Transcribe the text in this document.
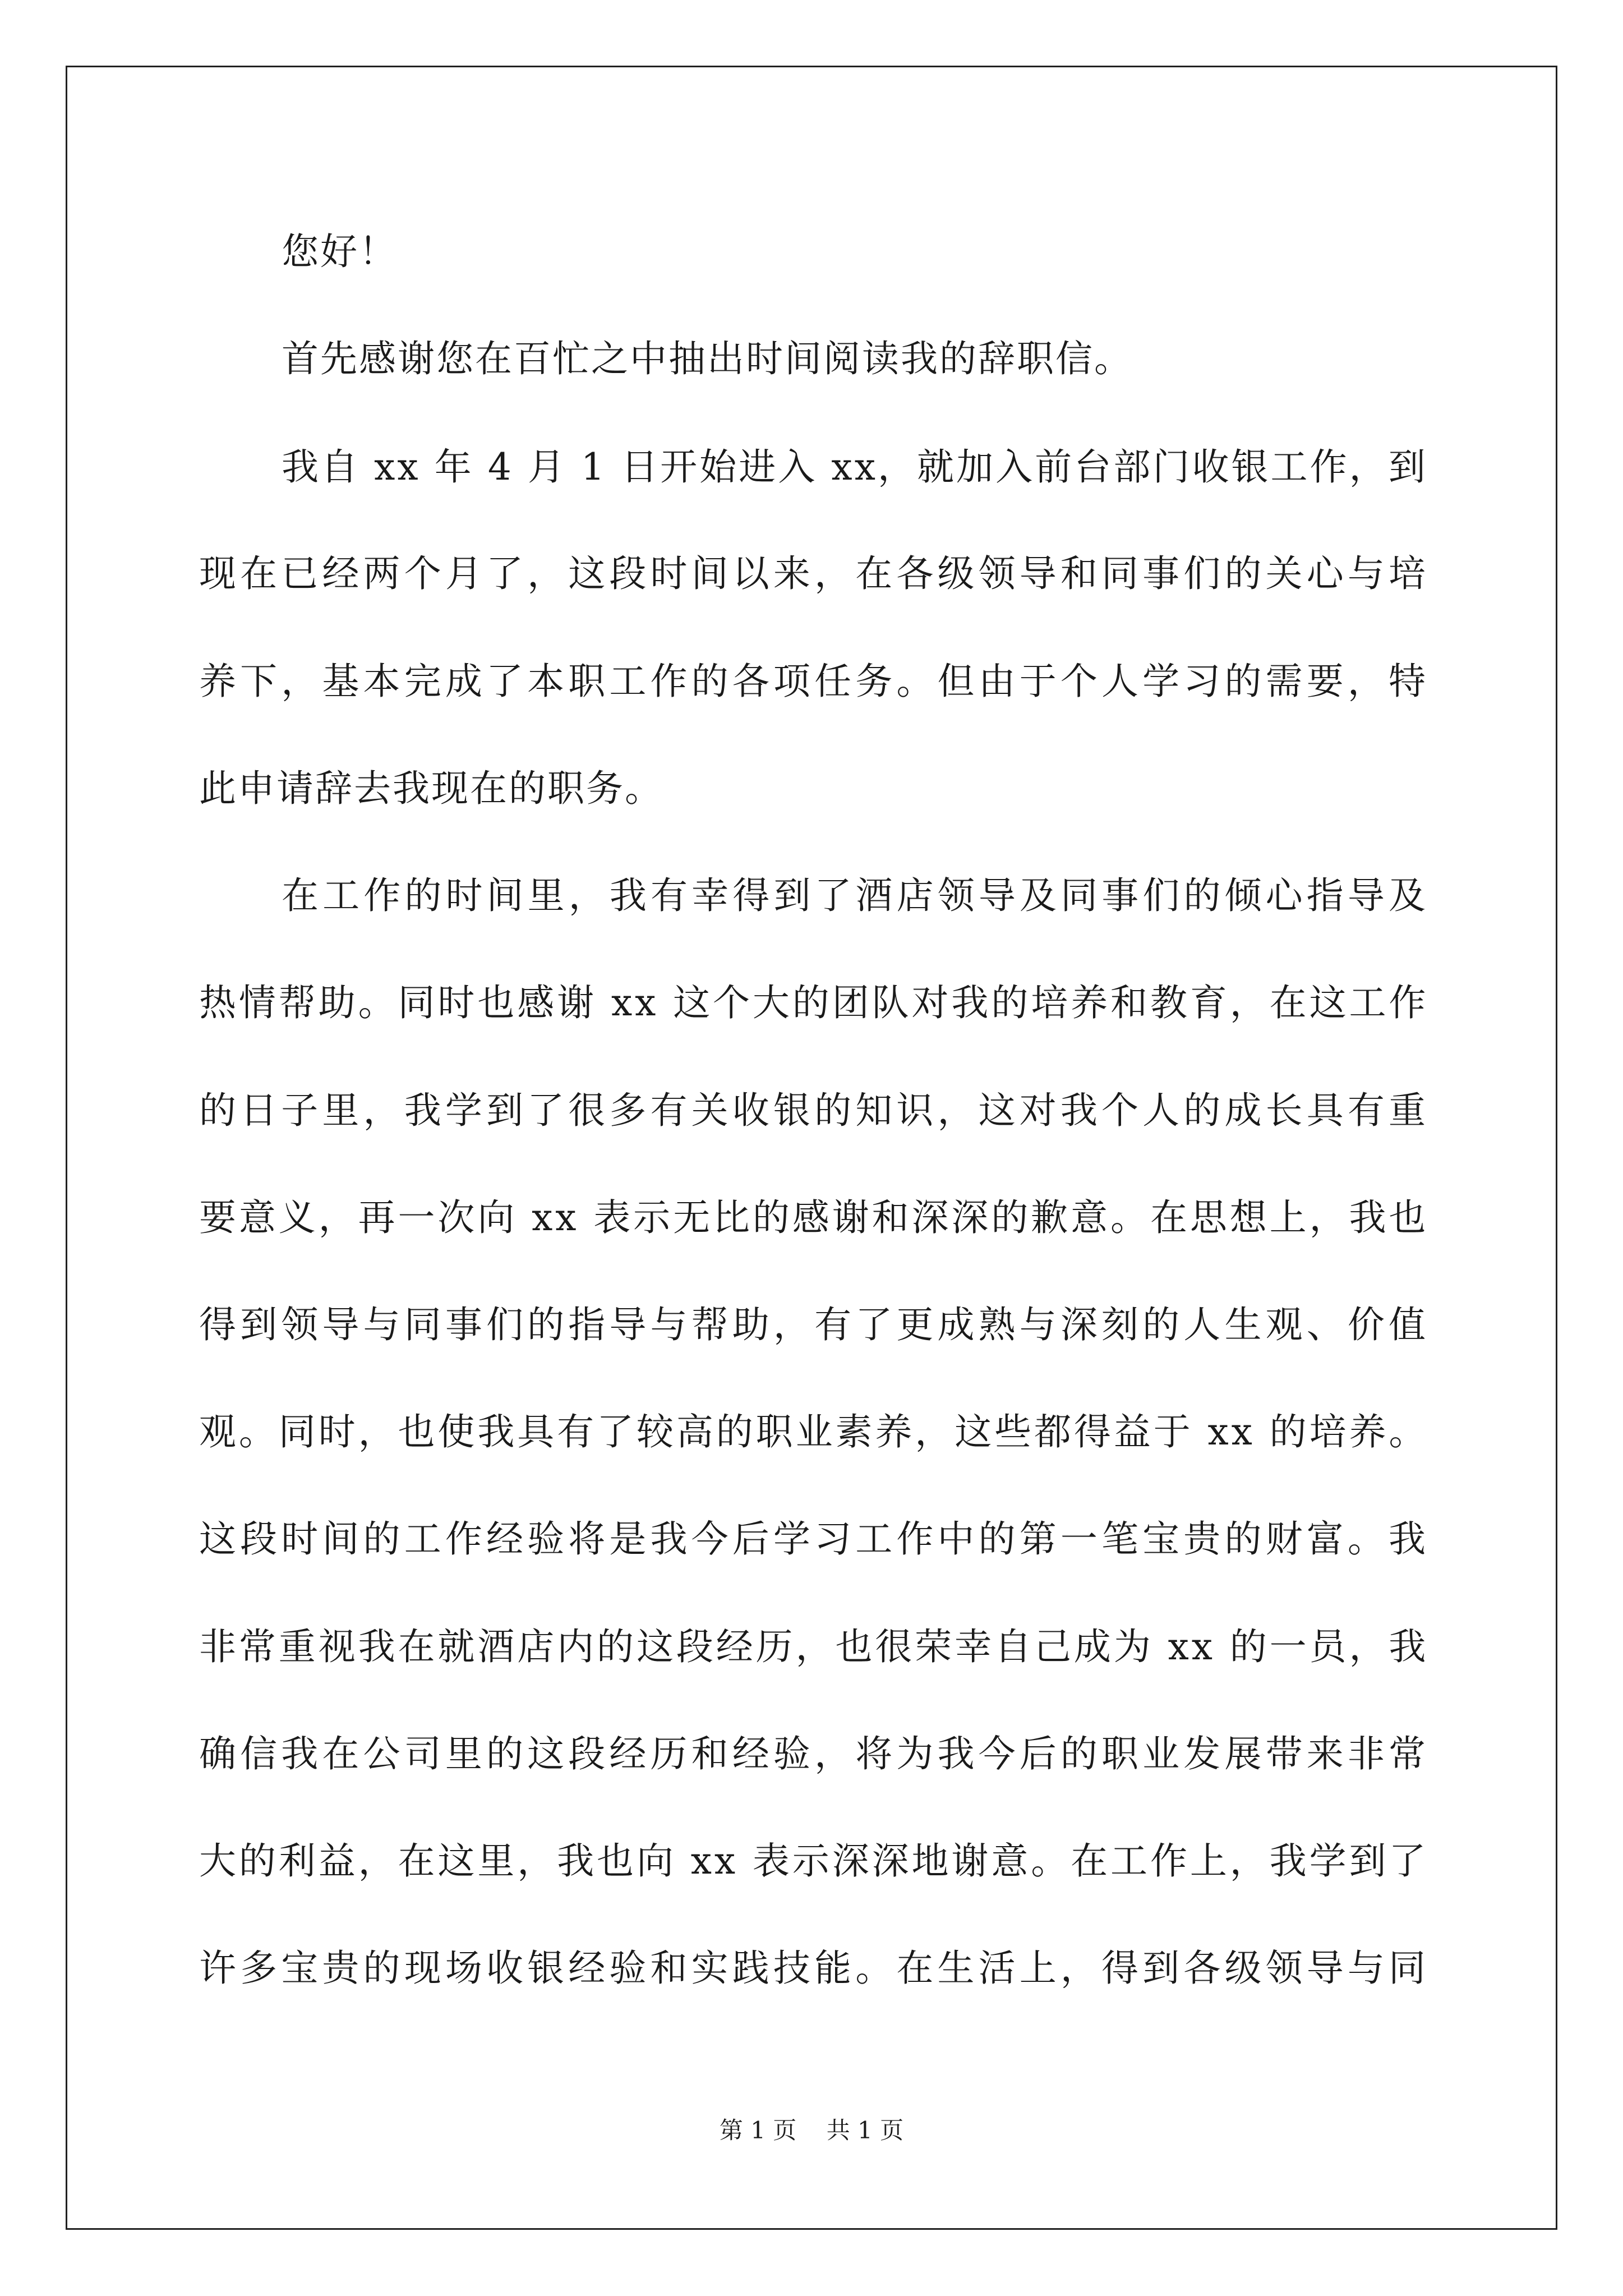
您好！
首先感谢您在百忙之中抽出时间阅读我的辞职信。
我自 xx 年 4 月 1 日开始进入 xx，就加入前台部门收银工作，到
现在已经两个月了，这段时间以来，在各级领导和同事们的关心与培
养下，基本完成了本职工作的各项任务。但由于个人学习的需要，特
此申请辞去我现在的职务。
在工作的时间里，我有幸得到了酒店领导及同事们的倾心指导及
热情帮助。同时也感谢 xx 这个大的团队对我的培养和教育，在这工作
的日子里，我学到了很多有关收银的知识，这对我个人的成长具有重
要意义，再一次向 xx 表示无比的感谢和深深的歉意。在思想上，我也
得到领导与同事们的指导与帮助，有了更成熟与深刻的人生观、价值
观。同时，也使我具有了较高的职业素养，这些都得益于 xx 的培养。
这段时间的工作经验将是我今后学习工作中的第一笔宝贵的财富。我
非常重视我在就酒店内的这段经历，也很荣幸自己成为 xx 的一员，我
确信我在公司里的这段经历和经验，将为我今后的职业发展带来非常
大的利益，在这里，我也向 xx 表示深深地谢意。在工作上，我学到了
许多宝贵的现场收银经验和实践技能。在生活上，得到各级领导与同
第 1 页    共 1 页
